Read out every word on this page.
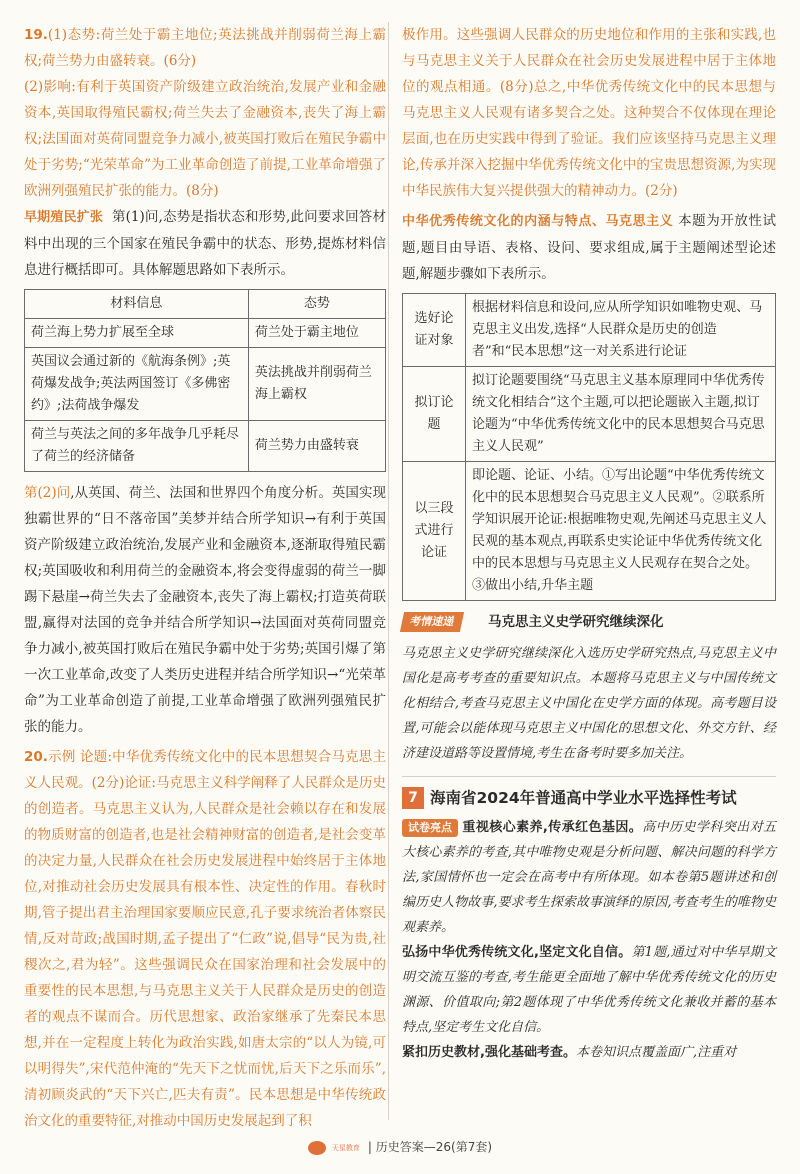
19.(1)态势:荷兰处于霸主地位;英法挑战并削弱荷兰海上霸权;荷兰势力由盛转衰。(6分)

(2)影响:有利于英国资产阶级建立政治统治,发展产业和金融资本,英国取得殖民霸权;荷兰失去了金融资本,丧失了海上霸权;法国面对英荷同盟竞争力减小,被英国打败后在殖民争霸中处于劣势;“光荣革命”为工业革命创造了前提,工业革命增强了欧洲列强殖民扩张的能力。(8分)

早期殖民扩张 第(1)问,态势是指状态和形势,此问要求回答材料中出现的三个国家在殖民争霸中的状态、形势,提炼材料信息进行概括即可。具体解题思路如下表所示。

材料信息	态势
荷兰海上势力扩展至全球	荷兰处于霸主地位
英国议会通过新的《航海条例》;英荷爆发战争;英法两国签订《多佛密约》;法荷战争爆发	英法挑战并削弱荷兰海上霸权
荷兰与英法之间的多年战争几乎耗尽了荷兰的经济储备	荷兰势力由盛转衰

第(2)问,从英国、荷兰、法国和世界四个角度分析。英国实现独霸世界的“日不落帝国”美梦并结合所学知识→有利于英国资产阶级建立政治统治,发展产业和金融资本,逐渐取得殖民霸权;英国吸收和利用荷兰的金融资本,将会变得虚弱的荷兰一脚踢下悬崖→荷兰失去了金融资本,丧失了海上霸权;打造英荷联盟,赢得对法国的竞争并结合所学知识→法国面对英荷同盟竞争力减小,被英国打败后在殖民争霸中处于劣势;英国引爆了第一次工业革命,改变了人类历史进程并结合所学知识→“光荣革命”为工业革命创造了前提,工业革命增强了欧洲列强殖民扩张的能力。

20.示例 论题:中华优秀传统文化中的民本思想契合马克思主义人民观。(2分)论证:马克思主义科学阐释了人民群众是历史的创造者。马克思主义认为,人民群众是社会赖以存在和发展的物质财富的创造者,也是社会精神财富的创造者,是社会变革的决定力量,人民群众在社会历史发展进程中始终居于主体地位,对推动社会历史发展具有根本性、决定性的作用。春秋时期,管子提出君主治理国家要顺应民意,孔子要求统治者体察民情,反对苛政;战国时期,孟子提出了“仁政”说,倡导“民为贵,社稷次之,君为轻”。这些强调民众在国家治理和社会发展中的重要性的民本思想,与马克思主义关于人民群众是历史的创造者的观点不谋而合。历代思想家、政治家继承了先秦民本思想,并在一定程度上转化为政治实践,如唐太宗的“以人为镜,可以明得失”,宋代范仲淹的“先天下之忧而忧,后天下之乐而乐”,清初顾炎武的“天下兴亡,匹夫有责”。民本思想是中华传统政治文化的重要特征,对推动中国历史发展起到了积

极作用。这些强调人民群众的历史地位和作用的主张和实践,也与马克思主义关于人民群众在社会历史发展进程中居于主体地位的观点相通。(8分)总之,中华优秀传统文化中的民本思想与马克思主义人民观有诸多契合之处。这种契合不仅体现在理论层面,也在历史实践中得到了验证。我们应该坚持马克思主义理论,传承并深入挖掘中华优秀传统文化中的宝贵思想资源,为实现中华民族伟大复兴提供强大的精神动力。(2分)

中华优秀传统文化的内涵与特点、马克思主义 本题为开放性试题,题目由导语、表格、设问、要求组成,属于主题阐述型论述题,解题步骤如下表所示。

选好论证对象	根据材料信息和设问,应从所学知识如唯物史观、马克思主义出发,选择“人民群众是历史的创造者”和“民本思想”这一对关系进行论证
拟订论题	拟订论题要围绕“马克思主义基本原理同中华优秀传统文化相结合”这个主题,可以把论题嵌入主题,拟订论题为“中华优秀传统文化中的民本思想契合马克思主义人民观”
以三段式进行论证	即论题、论证、小结。①写出论题“中华优秀传统文化中的民本思想契合马克思主义人民观”。②联系所学知识展开论证:根据唯物史观,先阐述马克思主义人民观的基本观点,再联系史实论证中华优秀传统文化中的民本思想与马克思主义人民观存在契合之处。③做出小结,升华主题
考情速递	马克思主义史学研究继续深化

马克思主义史学研究继续深化入选历史学研究热点,马克思主义中国化是高考考查的重要知识点。本题将马克思主义与中国传统文化相结合,考查马克思主义中国化在史学方面的体现。高考题目设置,可能会以能体现马克思主义中国化的思想文化、外交方针、经济建设道路等设置情境,考生在备考时要多加关注。

7 海南省2024年普通高中学业水平选择性考试

试卷亮点 重视核心素养,传承红色基因。高中历史学科突出对五大核心素养的考查,其中唯物史观是分析问题、解决问题的科学方法,家国情怀也一定会在高考中有所体现。如本卷第5题讲述和创编历史人物故事,要求考生探索故事演绎的原因,考查考生的唯物史观素养。

弘扬中华优秀传统文化,坚定文化自信。第1题,通过对中华早期文明交流互鉴的考查,考生能更全面地了解中华优秀传统文化的历史渊源、价值取向;第2题体现了中华优秀传统文化兼收并蓄的基本特点,坚定考生文化自信。

紧扣历史教材,强化基础考查。本卷知识点覆盖面广,注重对

天星教育 | 历史答案—26(第7套)
